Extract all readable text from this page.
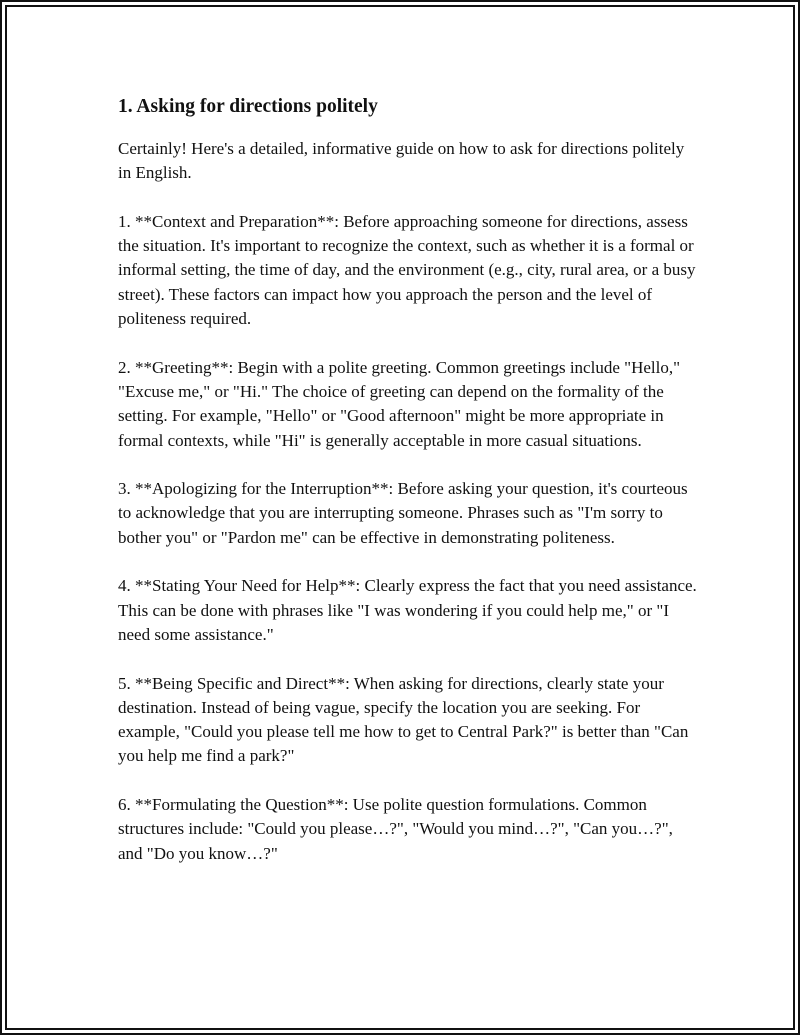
1. Asking for directions politely

Certainly! Here's a detailed, informative guide on how to ask for directions politely in English.

1. **Context and Preparation**: Before approaching someone for directions, assess the situation. It's important to recognize the context, such as whether it is a formal or informal setting, the time of day, and the environment (e.g., city, rural area, or a busy street). These factors can impact how you approach the person and the level of politeness required.

2. **Greeting**: Begin with a polite greeting. Common greetings include "Hello," "Excuse me," or "Hi." The choice of greeting can depend on the formality of the setting. For example, "Hello" or "Good afternoon" might be more appropriate in formal contexts, while "Hi" is generally acceptable in more casual situations.

3. **Apologizing for the Interruption**: Before asking your question, it's courteous to acknowledge that you are interrupting someone. Phrases such as "I'm sorry to bother you" or "Pardon me" can be effective in demonstrating politeness.

4. **Stating Your Need for Help**: Clearly express the fact that you need assistance. This can be done with phrases like "I was wondering if you could help me," or "I need some assistance."

5. **Being Specific and Direct**: When asking for directions, clearly state your destination. Instead of being vague, specify the location you are seeking. For example, "Could you please tell me how to get to Central Park?" is better than "Can you help me find a park?"

6. **Formulating the Question**: Use polite question formulations. Common structures include: "Could you please…?", "Would you mind…?", "Can you…?", and "Do you know…?"
